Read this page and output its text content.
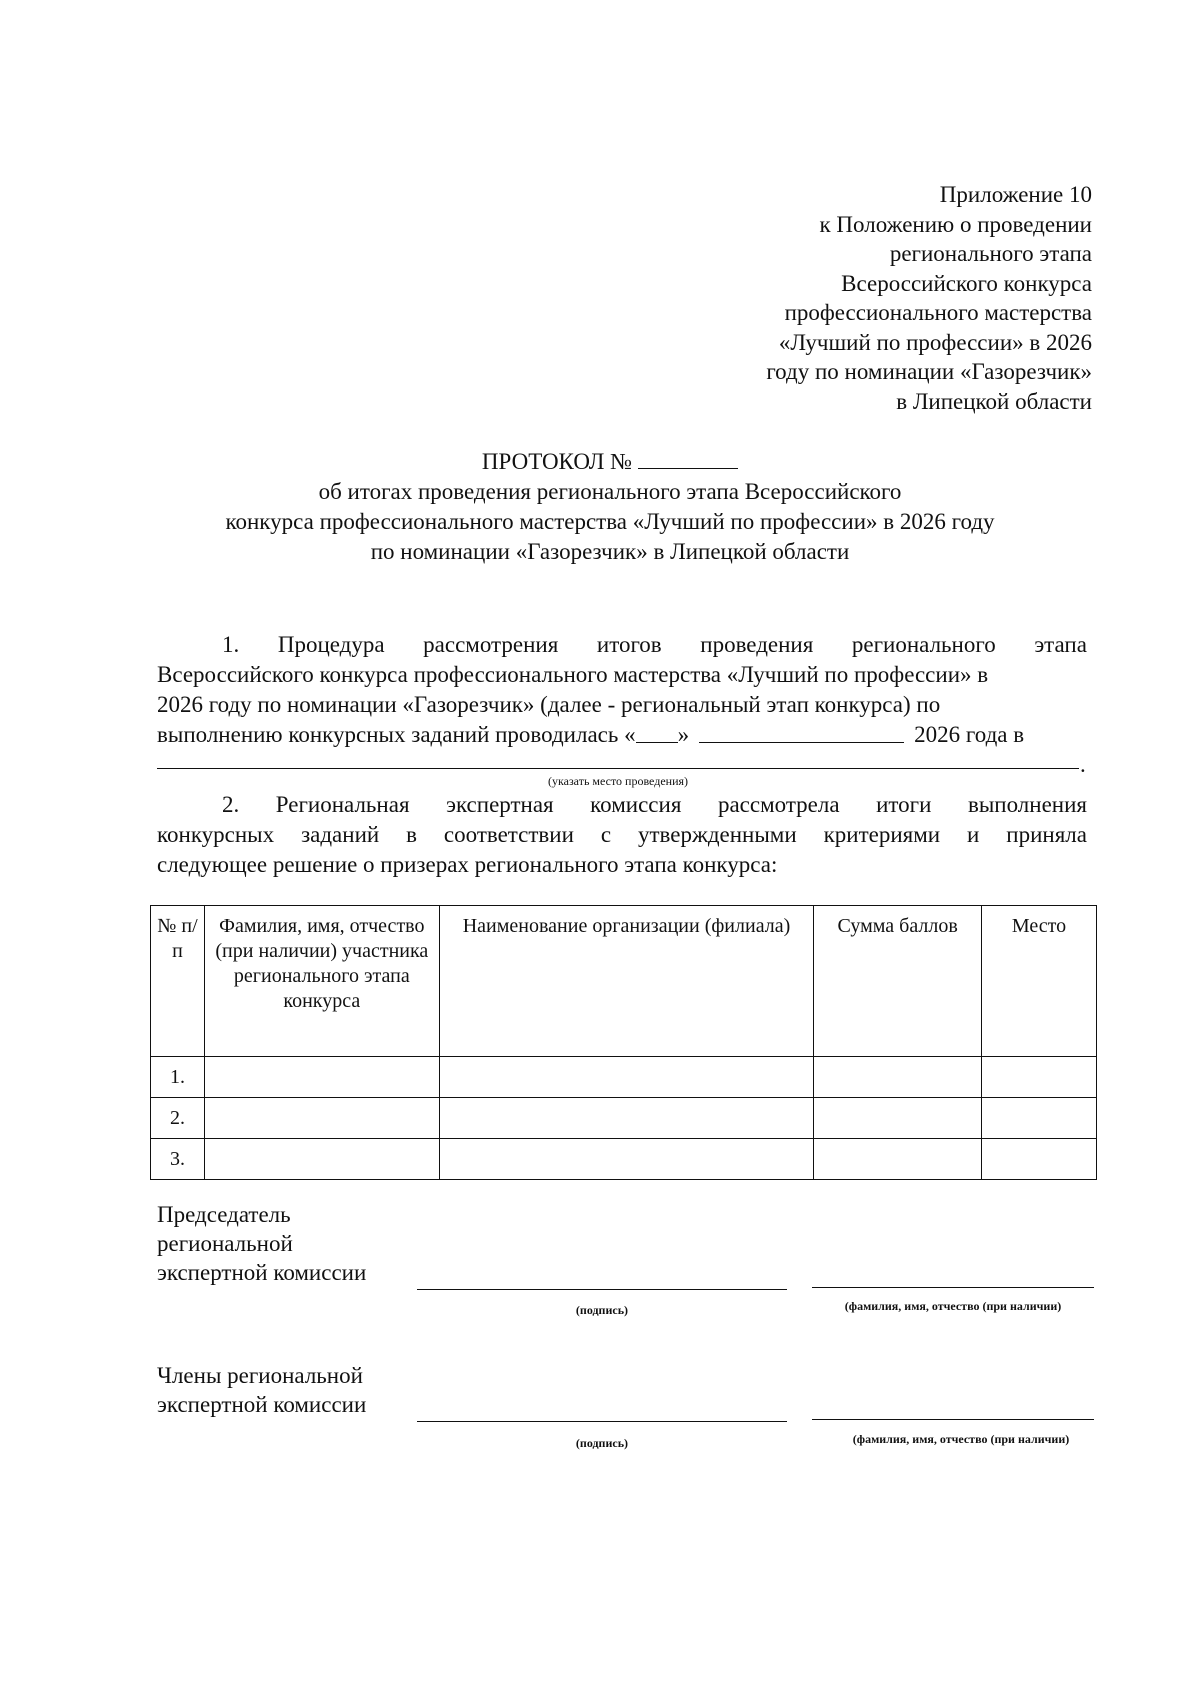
Приложение 10
к Положению о проведении
регионального этапа
Всероссийского конкурса
профессионального мастерства
«Лучший по профессии» в 2026
году по номинации «Газорезчик»
в Липецкой области
ПРОТОКОЛ №
об итогах проведения регионального этапа Всероссийского
конкурса профессионального мастерства «Лучший по профессии» в 2026 году
по номинации «Газорезчик» в Липецкой области
1. Процедура рассмотрения итогов проведения регионального этапа
Всероссийского конкурса профессионального мастерства «Лучший по профессии» в
2026 году по номинации «Газорезчик» (далее - региональный этап конкурса) по
выполнению конкурсных заданий проводилась « »	2026 года в
.
(указать место проведения)
2. Региональная экспертная комиссия рассмотрела итоги выполнения
конкурсных заданий в соответствии с утвержденными критериями и приняла
следующее решение о призерах регионального этапа конкурса:
№ п/п	Фамилия, имя, отчество (при наличии) участника регионального этапа конкурса	Наименование организации (филиала)	Сумма баллов	Место
1.				
2.				
3.				
Председатель
региональной
экспертной комиссии
(подпись)	(фамилия, имя, отчество (при наличии)
Члены региональной
экспертной комиссии
(подпись)	(фамилия, имя, отчество (при наличии)
